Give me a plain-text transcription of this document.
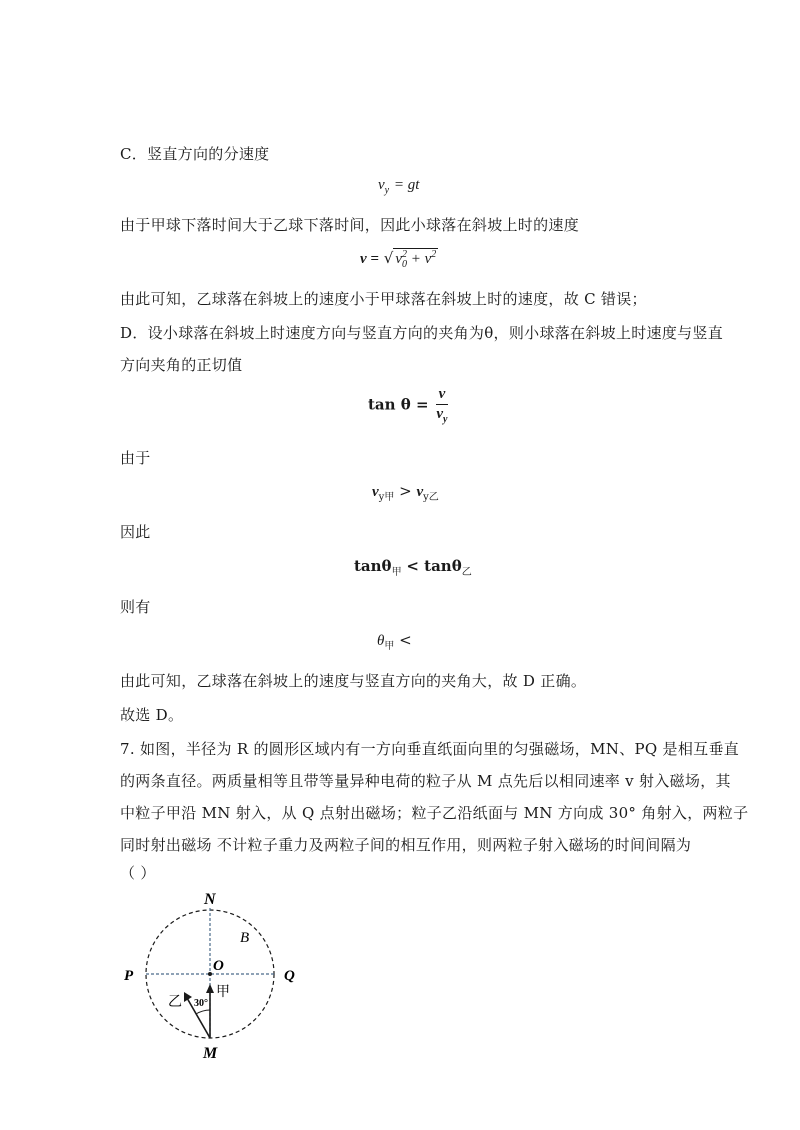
C．竖直方向的分速度
$v_y$ = gt
由于甲球下落时间大于乙球下落时间，因此小球落在斜坡上时的速度
v = √ $v_0^2 + v^2$
由此可知，乙球落在斜坡上的速度小于甲球落在斜坡上时的速度，故 C 错误；
D．设小球落在斜坡上时速度方向与竖直方向的夹角为θ，则小球落在斜坡上时速度与竖直
方向夹角的正切值
$\tan \theta = \frac{v}{v_y}$
由于
$v_{y甲} > v_{y乙}$
因此
tanθ$_甲$ < tanθ$_乙$
则有
$\theta_甲$ <
由此可知，乙球落在斜坡上的速度与竖直方向的夹角大，故 D 正确。
故选 D。
7. 如图，半径为 R 的圆形区域内有一方向垂直纸面向里的匀强磁场，MN、PQ 是相互垂直
的两条直径。两质量相等且带等量异种电荷的粒子从 M 点先后以相同速率 v 射入磁场，其
中粒子甲沿 MN 射入，从 Q 点射出磁场；粒子乙沿纸面与 MN 方向成 30° 角射入，两粒子
同时射出磁场 不计粒子重力及两粒子间的相互作用，则两粒子射入磁场的时间间隔为
（ ）
N
B
O
P	Q
甲
乙 30°
M
